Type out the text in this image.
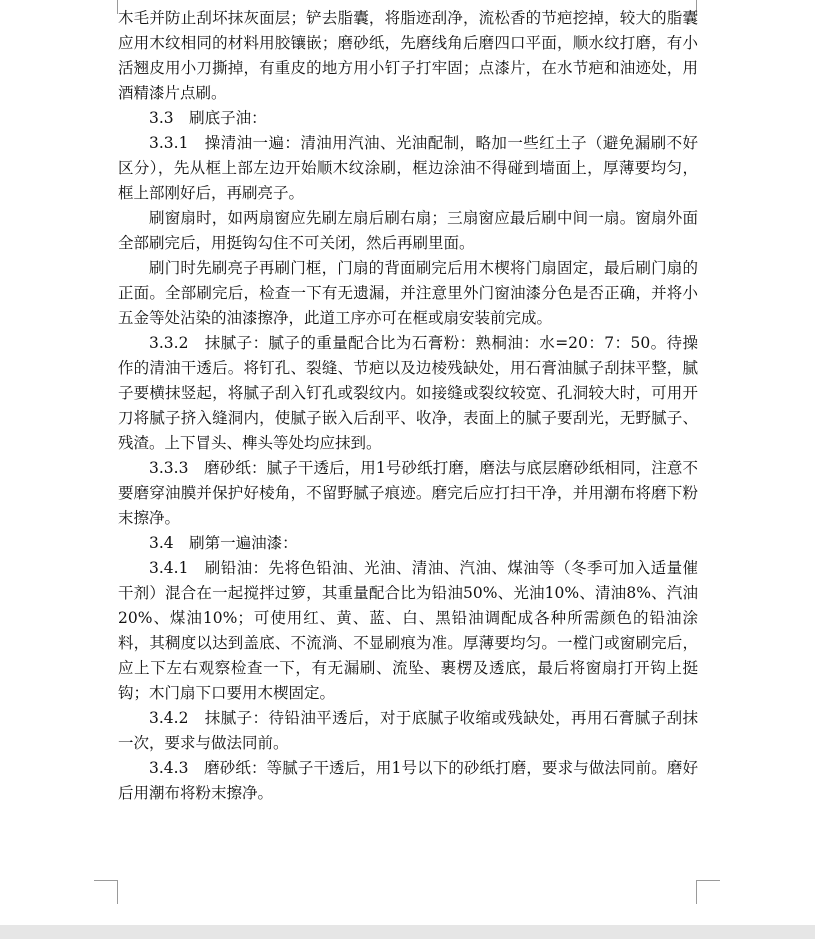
木毛并防止刮坏抹灰面层；铲去脂囊，将脂迹刮净，流松香的节疤挖掉，较大的脂囊应用木纹相同的材料用胶镶嵌；磨砂纸，先磨线角后磨四口平面，顺水纹打磨，有小活翘皮用小刀撕掉，有重皮的地方用小钉子打牢固；点漆片，在水节疤和油迹处，用酒精漆片点刷。

3.3　刷底子油：

3.3.1　操清油一遍：清油用汽油、光油配制，略加一些红土子（避免漏刷不好区分），先从框上部左边开始顺木纹涂刷，框边涂油不得碰到墙面上，厚薄要均匀，框上部刚好后，再刷亮子。

刷窗扇时，如两扇窗应先刷左扇后刷右扇；三扇窗应最后刷中间一扇。窗扇外面全部刷完后，用挺钩勾住不可关闭，然后再刷里面。

刷门时先刷亮子再刷门框，门扇的背面刷完后用木楔将门扇固定，最后刷门扇的正面。全部刷完后，检查一下有无遗漏，并注意里外门窗油漆分色是否正确，并将小五金等处沾染的油漆擦净，此道工序亦可在框或扇安装前完成。

3.3.2　抹腻子：腻子的重量配合比为石膏粉：熟桐油：水=20：7：50。待操作的清油干透后。将钉孔、裂缝、节疤以及边棱残缺处，用石膏油腻子刮抹平整，腻子要横抹竖起，将腻子刮入钉孔或裂纹内。如接缝或裂纹较宽、孔洞较大时，可用开刀将腻子挤入缝洞内，使腻子嵌入后刮平、收净，表面上的腻子要刮光，无野腻子、残渣。上下冒头、榫头等处均应抹到。

3.3.3　磨砂纸：腻子干透后，用1号砂纸打磨，磨法与底层磨砂纸相同，注意不要磨穿油膜并保护好棱角，不留野腻子痕迹。磨完后应打扫干净，并用潮布将磨下粉末擦净。

3.4　刷第一遍油漆：

3.4.1　刷铅油：先将色铅油、光油、清油、汽油、煤油等（冬季可加入适量催干剂）混合在一起搅拌过箩，其重量配合比为铅油50%、光油10%、清油8%、汽油20%、煤油10%；可使用红、黄、蓝、白、黑铅油调配成各种所需颜色的铅油涂料，其稠度以达到盖底、不流淌、不显刷痕为准。厚薄要均匀。一樘门或窗刷完后，应上下左右观察检查一下，有无漏刷、流坠、裹楞及透底，最后将窗扇打开钩上挺钩；木门扇下口要用木楔固定。

3.4.2　抹腻子：待铅油平透后，对于底腻子收缩或残缺处，再用石膏腻子刮抹一次，要求与做法同前。

3.4.3　磨砂纸：等腻子干透后，用1号以下的砂纸打磨，要求与做法同前。磨好后用潮布将粉末擦净。
